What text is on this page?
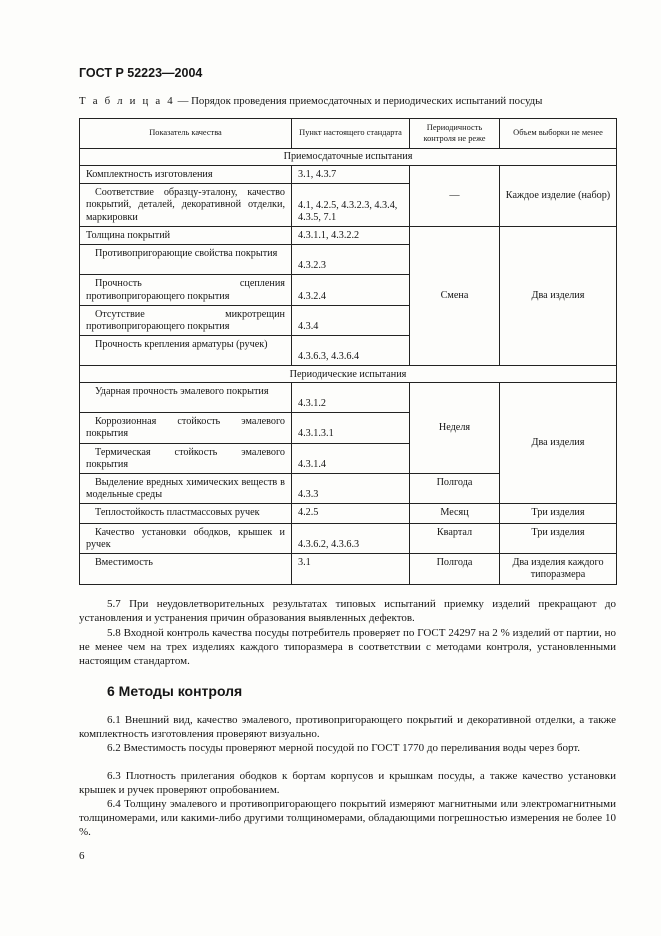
ГОСТ Р 52223—2004
Т а б л и ц а 4 — Порядок проведения приемосдаточных и периодических испытаний посуды
Показатель качества	Пункт настоящего стандарта	Периодичность контроля не реже	Объем выборки не менее
Приемосдаточные испытания			
Комплектность изготовления	3.1, 4.3.7	—	Каждое изделие (набор)

Соответствие образцу-эталону, качество покрытий, деталей, декоративной отделки, маркировки	4.1, 4.2.5, 4.3.2.3, 4.3.4, 4.3.5, 7.1		
Толщина покрытий	4.3.1.1, 4.3.2.2	Смена	Два изделия

Противопригорающие свойства покрытия	4.3.2.3		

Прочность сцепления противопригорающего покрытия	4.3.2.4		

Отсутствие микротрещин противопригорающего покрытия	4.3.4		

Прочность крепления арматуры (ручек)	4.3.6.3, 4.3.6.4		
Периодические испытания			

Ударная прочность эмалевого покрытия	4.3.1.2	Неделя	Два изделия

Коррозионная стойкость эмалевого покрытия	4.3.1.3.1		

Термическая стойкость эмалевого покрытия	4.3.1.4		

Выделение вредных химических веществ в модельные среды	4.3.3	Полгода	

Теплостойкость пластмассовых ручек	4.2.5	Месяц	Три изделия

Качество установки ободков, крышек и ручек	4.3.6.2, 4.3.6.3	Квартал	Три изделия

Вместимость	3.1	Полгода	Два изделия каждого типоразмера
5.7 При неудовлетворительных результатах типовых испытаний приемку изделий прекращают до установления и устранения причин образования выявленных дефектов.
5.8 Входной контроль качества посуды потребитель проверяет по ГОСТ 24297 на 2 % изделий от партии, но не менее чем на трех изделиях каждого типоразмера в соответствии с методами контроля, установленными настоящим стандартом.
6 Методы контроля
6.1 Внешний вид, качество эмалевого, противопригорающего покрытий и декоративной отделки, а также комплектность изготовления проверяют визуально.
6.2 Вместимость посуды проверяют мерной посудой по ГОСТ 1770 до переливания воды через борт.
6.3 Плотность прилегания ободков к бортам корпусов и крышкам посуды, а также качество установки крышек и ручек проверяют опробованием.
6.4 Толщину эмалевого и противопригорающего покрытий измеряют магнитными или электромагнитными толщиномерами, или какими-либо другими толщиномерами, обладающими погрешностью измерения не более 10 %.
6
